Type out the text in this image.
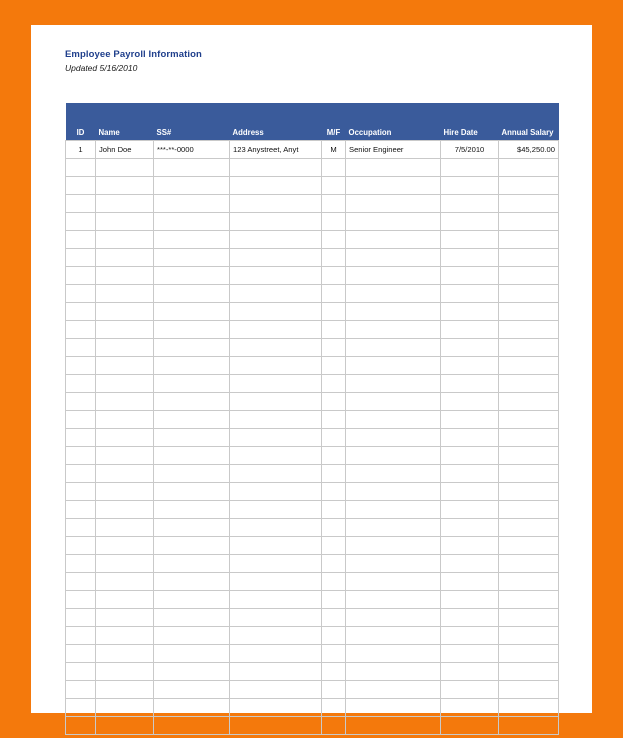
Employee Payroll Information
Updated 5/16/2010
ID	Name	SS#	Address	M/F	Occupation	Hire Date	Annual Salary
1	John Doe	***-**-0000	123 Anystreet, Anyt	M	Senior Engineer	7/5/2010	$45,250.00
